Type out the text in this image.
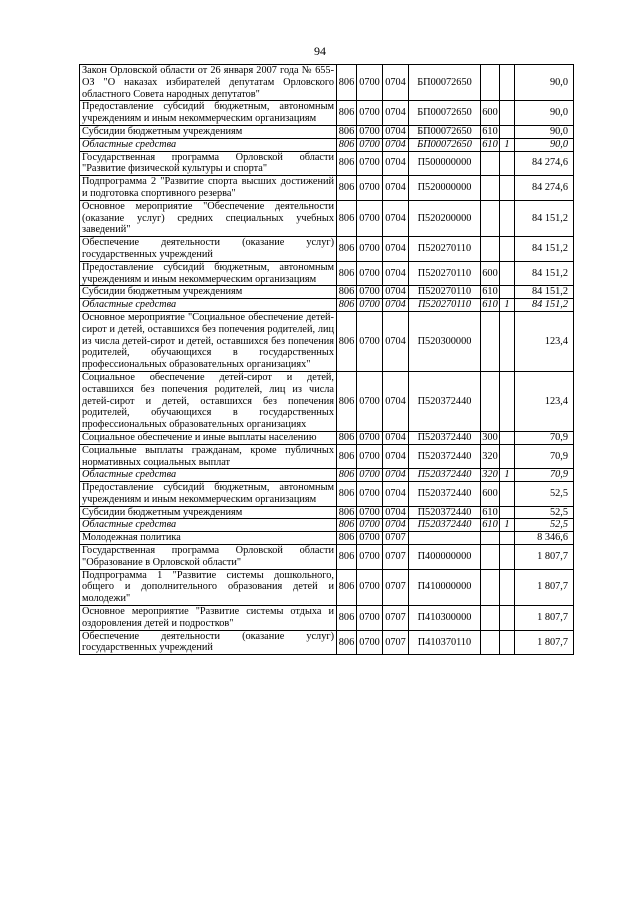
94
Закон Орловской области от 26 января 2007 года № 655-ОЗ "О наказах избирателей депутатам Орловского областного Совета народных депутатов"	806	0700	0704	БП00072650			90,0
Предоставление субсидий бюджетным, автономным учреждениям и иным некоммерческим организациям	806	0700	0704	БП00072650	600		90,0
Субсидии бюджетным учреждениям	806	0700	0704	БП00072650	610		90,0
Областные средства	806	0700	0704	БП00072650	610	1	90,0
Государственная программа Орловской области "Развитие физической культуры и спорта"	806	0700	0704	П500000000			84 274,6
Подпрограмма 2 "Развитие спорта высших достижений и подготовка спортивного резерва"	806	0700	0704	П520000000			84 274,6
Основное мероприятие "Обеспечение деятельности (оказание услуг) средних специальных учебных заведений"	806	0700	0704	П520200000			84 151,2
Обеспечение деятельности (оказание услуг) государственных учреждений	806	0700	0704	П520270110			84 151,2
Предоставление субсидий бюджетным, автономным учреждениям и иным некоммерческим организациям	806	0700	0704	П520270110	600		84 151,2
Субсидии бюджетным учреждениям	806	0700	0704	П520270110	610		84 151,2
Областные средства	806	0700	0704	П520270110	610	1	84 151,2
Основное мероприятие "Социальное обеспечение детей-сирот и детей, оставшихся без попечения родителей, лиц из числа детей-сирот и детей, оставшихся без попечения родителей, обучающихся в государственных профессиональных образовательных организациях"	806	0700	0704	П520300000			123,4
Социальное обеспечение детей-сирот и детей, оставшихся без попечения родителей, лиц из числа детей-сирот и детей, оставшихся без попечения родителей, обучающихся в государственных профессиональных образовательных организациях	806	0700	0704	П520372440			123,4
Социальное обеспечение и иные выплаты населению	806	0700	0704	П520372440	300		70,9
Социальные выплаты гражданам, кроме публичных нормативных социальных выплат	806	0700	0704	П520372440	320		70,9
Областные средства	806	0700	0704	П520372440	320	1	70,9
Предоставление субсидий бюджетным, автономным учреждениям и иным некоммерческим организациям	806	0700	0704	П520372440	600		52,5
Субсидии бюджетным учреждениям	806	0700	0704	П520372440	610		52,5
Областные средства	806	0700	0704	П520372440	610	1	52,5
Молодежная политика	806	0700	0707				8 346,6
Государственная программа Орловской области "Образование в Орловской области"	806	0700	0707	П400000000			1 807,7
Подпрограмма 1 "Развитие системы дошкольного, общего и дополнительного образования детей и молодежи"	806	0700	0707	П410000000			1 807,7
Основное мероприятие "Развитие системы отдыха и оздоровления детей и подростков"	806	0700	0707	П410300000			1 807,7
Обеспечение деятельности (оказание услуг) государственных учреждений	806	0700	0707	П410370110			1 807,7
